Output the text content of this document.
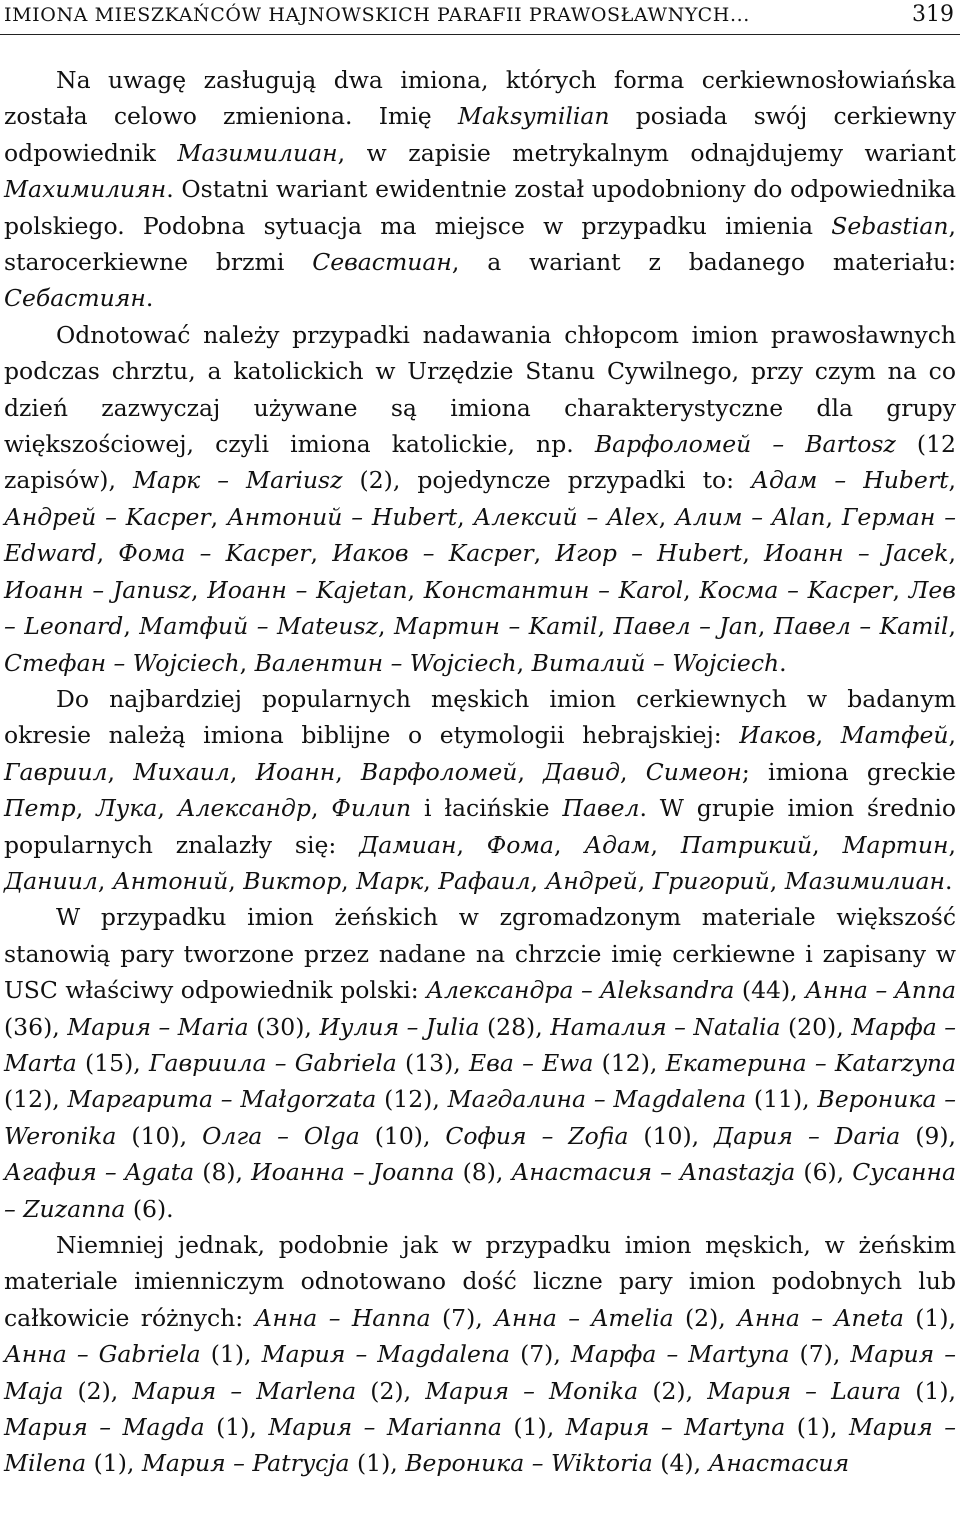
IMIONA MIESZKAŃCÓW HAJNOWSKICH PARAFII PRAWOSŁAWNYCH...	319

Na uwagę zasługują dwa imiona, których forma cerkiewnosłowiańska została celowo zmieniona. Imię Maksymilian posiada swój cerkiewny odpowiednik Мазимилиан, w zapisie metrykalnym odnajdujemy wariant Махимилиян. Ostatni wariant ewidentnie został upodobniony do odpowiednika polskiego. Podobna sytuacja ma miejsce w przypadku imienia Sebastian, starocerkiewne brzmi Севастиан, a wariant z badanego materiału: Себастиян.

Odnotować należy przypadki nadawania chłopcom imion prawosławnych podczas chrztu, a katolickich w Urzędzie Stanu Cywilnego, przy czym na co dzień zazwyczaj używane są imiona charakterystyczne dla grupy większościowej, czyli imiona katolickie, np. Варфоломей – Bartosz (12 zapisów), Марк – Mariusz (2), pojedyncze przypadki to: Адам – Hubert, Андрей – Kacper, Антоний – Hubert, Алексий – Alex, Алим – Alan, Герман – Edward, Фома – Kacper, Иаков – Kacper, Игор – Hubert, Иоанн – Jacek, Иоанн – Janusz, Иоанн – Kajetan, Константин – Karol, Косма – Kacper, Лев – Leonard, Матфий – Mateusz, Мартин – Kamil, Павел – Jan, Павел – Kamil, Стефан – Wojciech, Валентин – Wojciech, Виталий – Wojciech.

Do najbardziej popularnych męskich imion cerkiewnych w badanym okresie należą imiona biblijne o etymologii hebrajskiej: Иаков, Матфей, Гавриил, Михаил, Иоанн, Варфоломей, Давид, Симеон; imiona greckie Петр, Лука, Александр, Филип i łacińskie Павел. W grupie imion średnio popularnych znalazły się: Дамиан, Фома, Адам, Патрикий, Мартин, Даниил, Антоний, Виктор, Марк, Рафаил, Андрей, Григорий, Мазимилиан.

W przypadku imion żeńskich w zgromadzonym materiale większość stanowią pary tworzone przez nadane na chrzcie imię cerkiewne i zapisany w USC właściwy odpowiednik polski: Александра – Aleksandra (44), Анна – Anna (36), Мария – Maria (30), Иулия – Julia (28), Наталия – Natalia (20), Марфа – Marta (15), Гавриила – Gabriela (13), Ева – Ewa (12), Екатерина – Katarzyna (12), Маргарита – Małgorzata (12), Магдалина – Magdalena (11), Вероника – Weronika (10), Олга – Olga (10), София – Zofia (10), Дария – Daria (9), Агафия – Agata (8), Иоанна – Joanna (8), Анастасия – Anastazja (6), Сусанна – Zuzanna (6).

Niemniej jednak, podobnie jak w przypadku imion męskich, w żeńskim materiale imienniczym odnotowano dość liczne pary imion podobnych lub całkowicie różnych: Анна – Hanna (7), Анна – Amelia (2), Анна – Aneta (1), Анна – Gabriela (1), Мария – Magdalena (7), Марфа – Martyna (7), Мария – Maja (2), Мария – Marlena (2), Мария – Monika (2), Мария – Laura (1), Мария – Magda (1), Мария – Marianna (1), Мария – Martyna (1), Мария – Milena (1), Мария – Patrycja (1), Вероника – Wiktoria (4), Анастасия
